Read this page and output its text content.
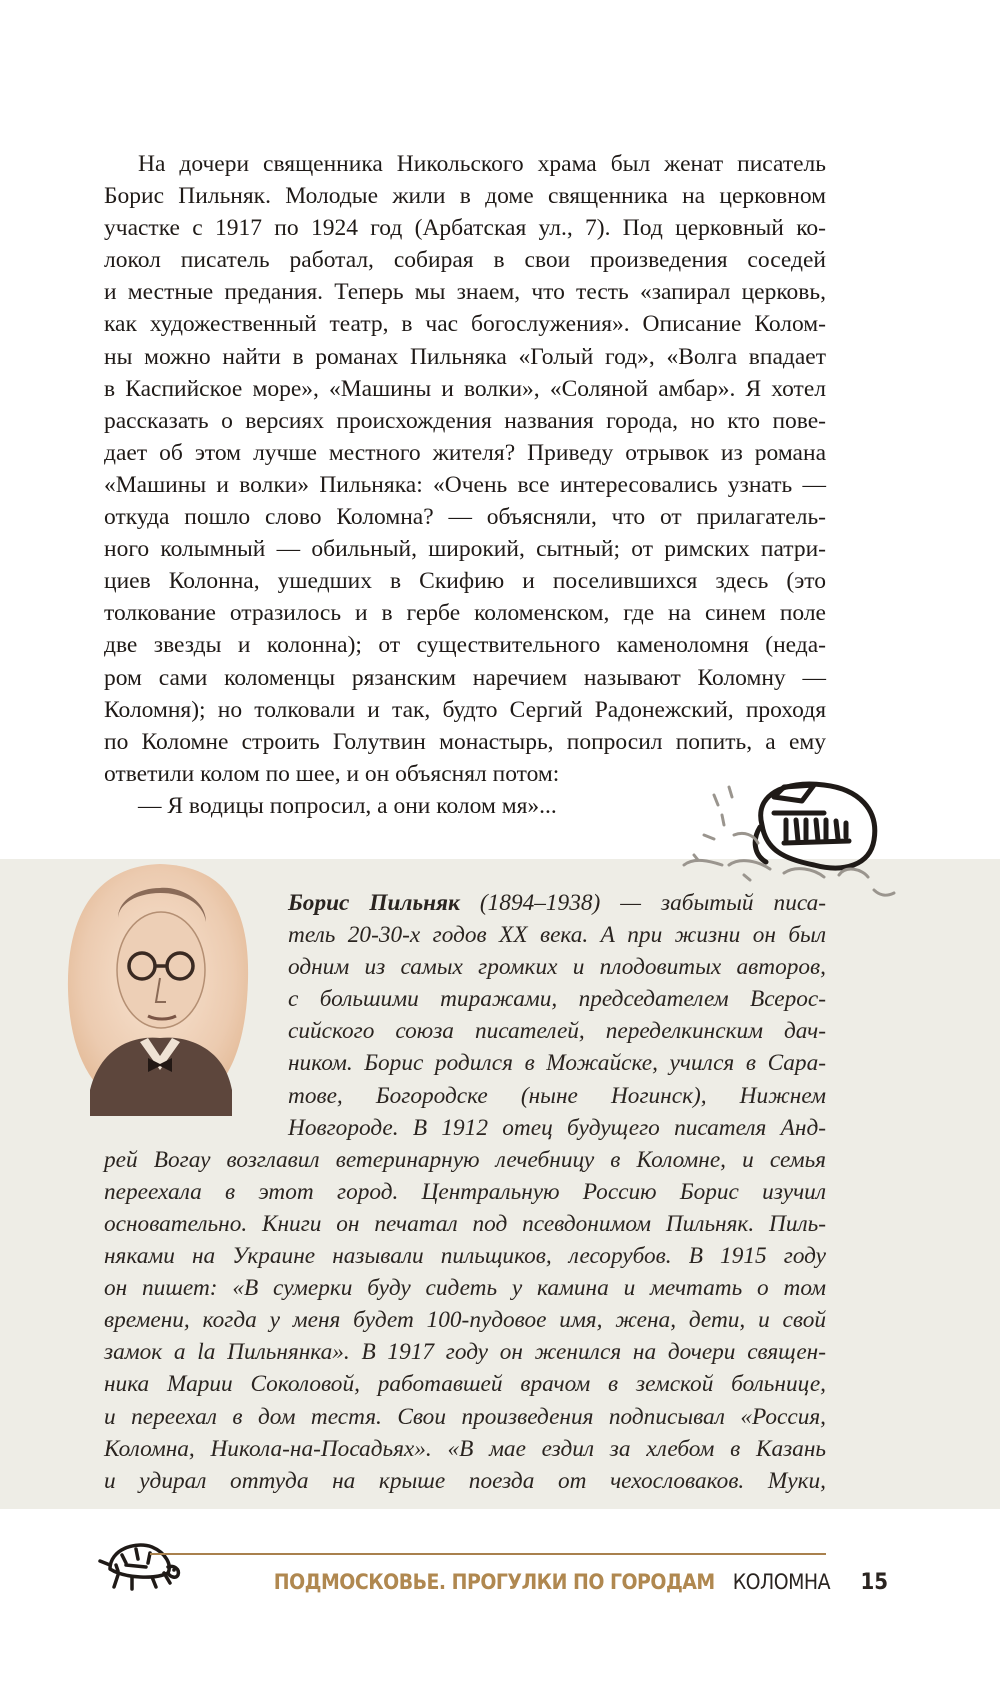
На дочери священника Никольского храма был женат писатель
Борис Пильняк. Молодые жили в доме священника на церковном
участке с 1917 по 1924 год (Арбатская ул., 7). Под церковный ко-
локол писатель работал, собирая в свои произведения соседей
и местные предания. Теперь мы знаем, что тесть «запирал церковь,
как художественный театр, в час богослужения». Описание Колом-
ны можно найти в романах Пильняка «Голый год», «Волга впадает
в Каспийское море», «Машины и волки», «Соляной амбар». Я хотел
рассказать о версиях происхождения названия города, но кто пове-
дает об этом лучше местного жителя? Приведу отрывок из романа
«Машины и волки» Пильняка: «Очень все интересовались узнать —
откуда пошло слово Коломна? — объясняли, что от прилагатель-
ного колымный — обильный, широкий, сытный; от римских патри-
циев Колонна, ушедших в Скифию и поселившихся здесь (это
толкование отразилось и в гербе коломенском, где на синем поле
две звезды и колонна); от существительного каменоломня (неда-
ром сами коломенцы рязанским наречием называют Коломну —
Коломня); но толковали и так, будто Сергий Радонежский, проходя
по Коломне строить Голутвин монастырь, попросил попить, а ему
ответили колом по шее, и он объяснял потом:
— Я водицы попросил, а они колом мя»...
Борис Пильняк (1894–1938) — забытый писа-
тель 20-30-х годов XX века. А при жизни он был
одним из самых громких и плодовитых авторов,
с большими тиражами, председателем Всерос-
сийского союза писателей, переделкинским дач-
ником. Борис родился в Можайске, учился в Сара-
тове, Богородске (ныне Ногинск), Нижнем
Новгороде. В 1912 отец будущего писателя Анд-
рей Вогау возглавил ветеринарную лечебницу в Коломне, и семья
переехала в этот город. Центральную Россию Борис изучил
основательно. Книги он печатал под псевдонимом Пильняк. Пиль-
няками на Украине называли пильщиков, лесорубов. В 1915 году
он пишет: «В сумерки буду сидеть у камина и мечтать о том
времени, когда у меня будет 100-пудовое имя, жена, дети, и свой
замок a la Пильнянка». В 1917 году он женился на дочери священ-
ника Марии Соколовой, работавшей врачом в земской больнице,
и переехал в дом тестя. Свои произведения подписывал «Россия,
Коломна, Никола-на-Посадьях». «В мае ездил за хлебом в Казань
и удирал оттуда на крыше поезда от чехословаков. Муки,
ПОДМОСКОВЬЕ. ПРОГУЛКИ ПО ГОРОДАМ КОЛОМНА 15
